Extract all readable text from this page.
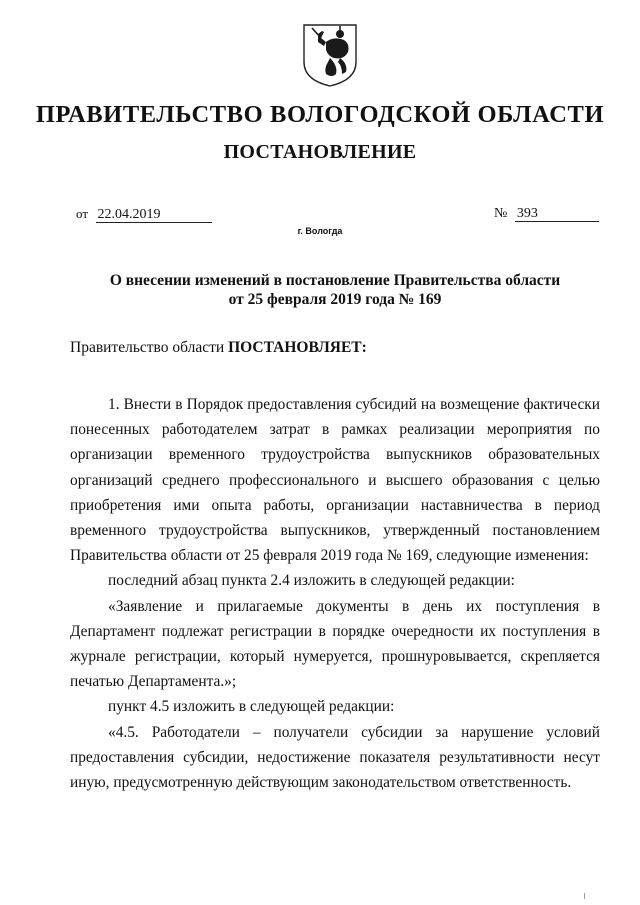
ПРАВИТЕЛЬСТВО ВОЛОГОДСКОЙ ОБЛАСТИ
ПОСТАНОВЛЕНИЕ
от 22.04.2019	№ 393
г. Вологда
О внесении изменений в постановление Правительства области
от 25 февраля 2019 года № 169
Правительство области ПОСТАНОВЛЯЕТ:

1. Внести в Порядок предоставления субсидий на возмещение фактически понесенных работодателем затрат в рамках реализации мероприятия по организации временного трудоустройства выпускников образовательных организаций среднего профессионального и высшего образования с целью приобретения ими опыта работы, организации наставничества в период временного трудоустройства выпускников, утвержденный постановлением Правительства области от 25 февраля 2019 года № 169, следующие изменения:

последний абзац пункта 2.4 изложить в следующей редакции:

«Заявление и прилагаемые документы в день их поступления в Департамент подлежат регистрации в порядке очередности их поступления в журнале регистрации, который нумеруется, прошнуровывается, скрепляется печатью Департамента.»;

пункт 4.5 изложить в следующей редакции:

«4.5. Работодатели – получатели субсидии за нарушение условий предоставления субсидии, недостижение показателя результативности несут иную, предусмотренную действующим законодательством ответственность.
